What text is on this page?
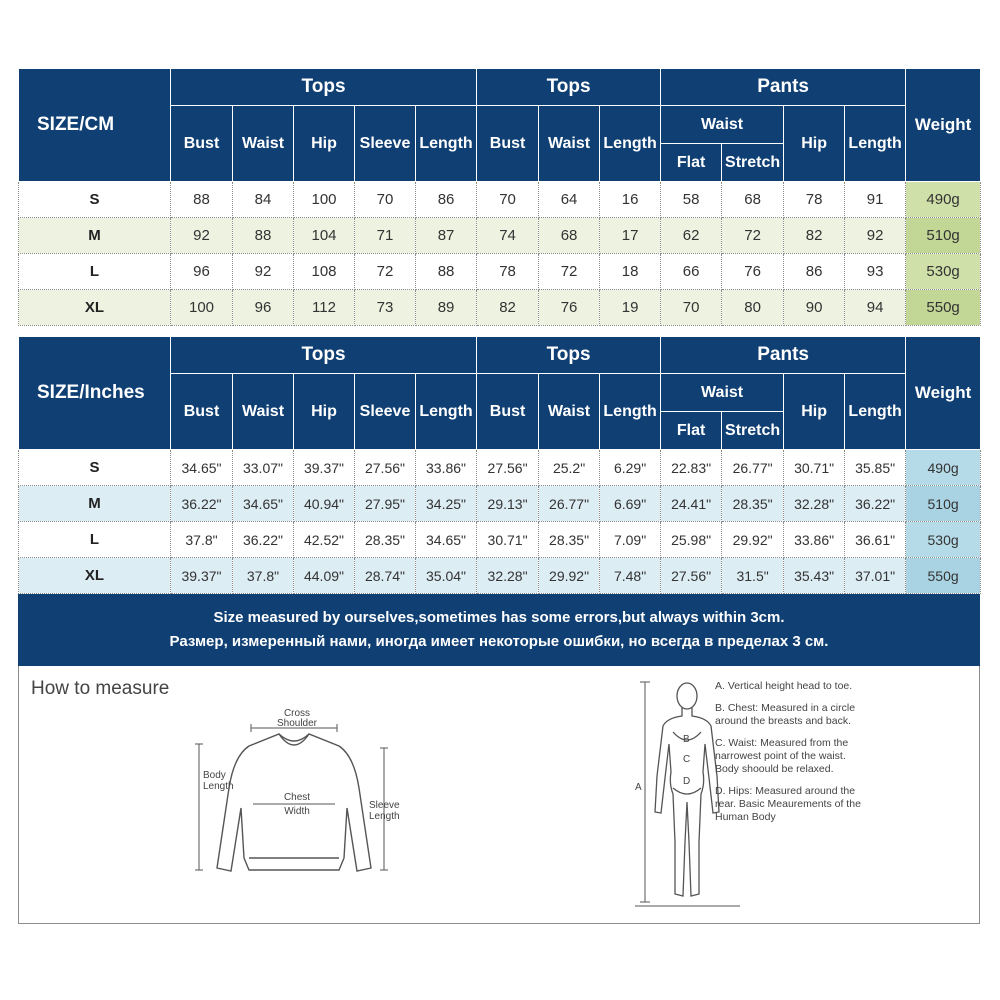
SIZE/CM	Tops					Tops			Pants				Weight
	Bust	Waist	Hip	Sleeve	Length	Bust	Waist	Length	Waist		Hip	Length	
									Flat	Stretch			
S	88	84	100	70	86	70	64	16	58	68	78	91	490g
M	92	88	104	71	87	74	68	17	62	72	82	92	510g
L	96	92	108	72	88	78	72	18	66	76	86	93	530g
XL	100	96	112	73	89	82	76	19	70	80	90	94	550g
SIZE/Inches	Tops					Tops			Pants				Weight
	Bust	Waist	Hip	Sleeve	Length	Bust	Waist	Length	Waist		Hip	Length	
									Flat	Stretch			
S	34.65"	33.07"	39.37"	27.56"	33.86"	27.56"	25.2"	6.29"	22.83"	26.77"	30.71"	35.85"	490g
M	36.22"	34.65"	40.94"	27.95"	34.25"	29.13"	26.77"	6.69"	24.41"	28.35"	32.28"	36.22"	510g
L	37.8"	36.22"	42.52"	28.35"	34.65"	30.71"	28.35"	7.09"	25.98"	29.92"	33.86"	36.61"	530g
XL	39.37"	37.8"	44.09"	28.74"	35.04"	32.28"	29.92"	7.48"	27.56"	31.5"	35.43"	37.01"	550g
Size measured by ourselves,sometimes has some errors,but always within 3cm.
Размер, измеренный нами, иногда имеет некоторые ошибки, но всегда в пределах 3 см.
How to measure
Cross
Shoulder
Body
Length
Chest
Width
Sleeve
Length
A
B
C
D
A. Vertical height head to toe.
B. Chest: Measured in a circle around the breasts and back.
C. Waist: Measured from the narrowest point of the waist. Body shoould be relaxed.
D. Hips: Measured around the rear. Basic Meaurements of the Human Body
